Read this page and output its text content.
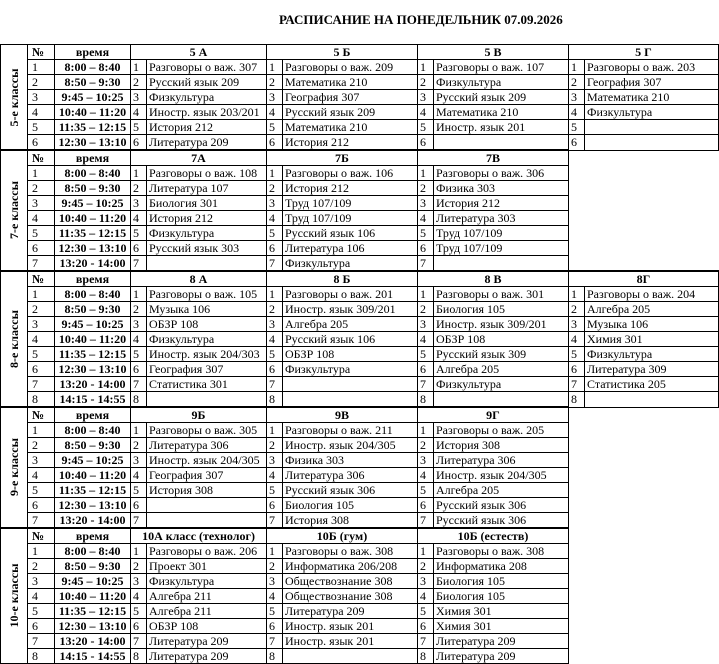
РАСПИСАНИЕ НА ПОНЕДЕЛЬНИК 07.09.2026
5-е классы	№	время	5 А		5 Б		5 В		5 Г	
	1	8:00 – 8:40	1	Разговоры о важ. 307	1	Разговоры о важ. 209	1	Разговоры о важ. 107	1	Разговоры о важ. 203
	2	8:50 – 9:30	2	Русский язык 209	2	Математика 210	2	Физкультура	2	География 307
	3	9:45 – 10:25	3	Физкультура	3	География 307	3	Русский язык 209	3	Математика 210
	4	10:40 – 11:20	4	Иностр. язык 203/201	4	Русский язык 209	4	Математика 210	4	Физкультура
	5	11:35 – 12:15	5	История 212	5	Математика 210	5	Иностр. язык 201	5	
	6	12:30 – 13:10	6	Литература 209	6	История 212	6		6	
7-е классы	№	время	7А		7Б		7В			
	1	8:00 – 8:40	1	Разговоры о важ. 108	1	Разговоры о важ. 106	1	Разговоры о важ. 306		
	2	8:50 – 9:30	2	Литература 107	2	История 212	2	Физика 303		
	3	9:45 – 10:25	3	Биология 301	3	Труд 107/109	3	История 212		
	4	10:40 – 11:20	4	История 212	4	Труд 107/109	4	Литература 303		
	5	11:35 – 12:15	5	Физкультура	5	Русский язык 106	5	Труд 107/109		
	6	12:30 – 13:10	6	Русский язык 303	6	Литература 106	6	Труд 107/109		
	7	13:20 - 14:00	7		7	Физкультура	7			
8-е классы	№	время	8 А		8 Б		8 В		8Г	
	1	8:00 – 8:40	1	Разговоры о важ. 105	1	Разговоры о важ. 201	1	Разговоры о важ. 301	1	Разговоры о важ. 204
	2	8:50 – 9:30	2	Музыка 106	2	Иностр. язык 309/201	2	Биология 105	2	Алгебра 205
	3	9:45 – 10:25	3	ОБЗР 108	3	Алгебра 205	3	Иностр. язык 309/201	3	Музыка 106
	4	10:40 – 11:20	4	Физкультура	4	Русский язык 106	4	ОБЗР 108	4	Химия 301
	5	11:35 – 12:15	5	Иностр. язык 204/303	5	ОБЗР 108	5	Русский язык 309	5	Физкультура
	6	12:30 – 13:10	6	География 307	6	Физкультура	6	Алгебра 205	6	Литература 309
	7	13:20 - 14:00	7	Статистика 301	7		7	Физкультура	7	Статистика 205
	8	14:15 - 14:55	8		8		8		8	
9-е классы	№	время	9Б		9В		9Г			
	1	8:00 – 8:40	1	Разговоры о важ. 305	1	Разговоры о важ. 211	1	Разговоры о важ. 205		
	2	8:50 – 9:30	2	Литература 306	2	Иностр. язык 204/305	2	История 308		
	3	9:45 – 10:25	3	Иностр. язык 204/305	3	Физика 303	3	Литература 306		
	4	10:40 – 11:20	4	География 307	4	Литература 306	4	Иностр. язык 204/305		
	5	11:35 – 12:15	5	История 308	5	Русский язык 306	5	Алгебра 205		
	6	12:30 – 13:10	6		6	Биология 105	6	Русский язык 306		
	7	13:20 - 14:00	7		7	История 308	7	Русский язык 306		
10-е классы	№	время	10А класс (технолог)		10Б (гум)		10Б (естеств)			
	1	8:00 – 8:40	1	Разговоры о важ. 206	1	Разговоры о важ. 308	1	Разговоры о важ. 308		
	2	8:50 – 9:30	2	Проект 301	2	Информатика 206/208	2	Информатика 208		
	3	9:45 – 10:25	3	Физкультура	3	Обществознание 308	3	Биология 105		
	4	10:40 – 11:20	4	Алгебра 211	4	Обществознание 308	4	Биология 105		
	5	11:35 – 12:15	5	Алгебра 211	5	Литература 209	5	Химия 301		
	6	12:30 – 13:10	6	ОБЗР 108	6	Иностр. язык 201	6	Химия 301		
	7	13:20 - 14:00	7	Литература 209	7	Иностр. язык 201	7	Литература 209		
	8	14:15 - 14:55	8	Литература 209	8		8	Литература 209		
